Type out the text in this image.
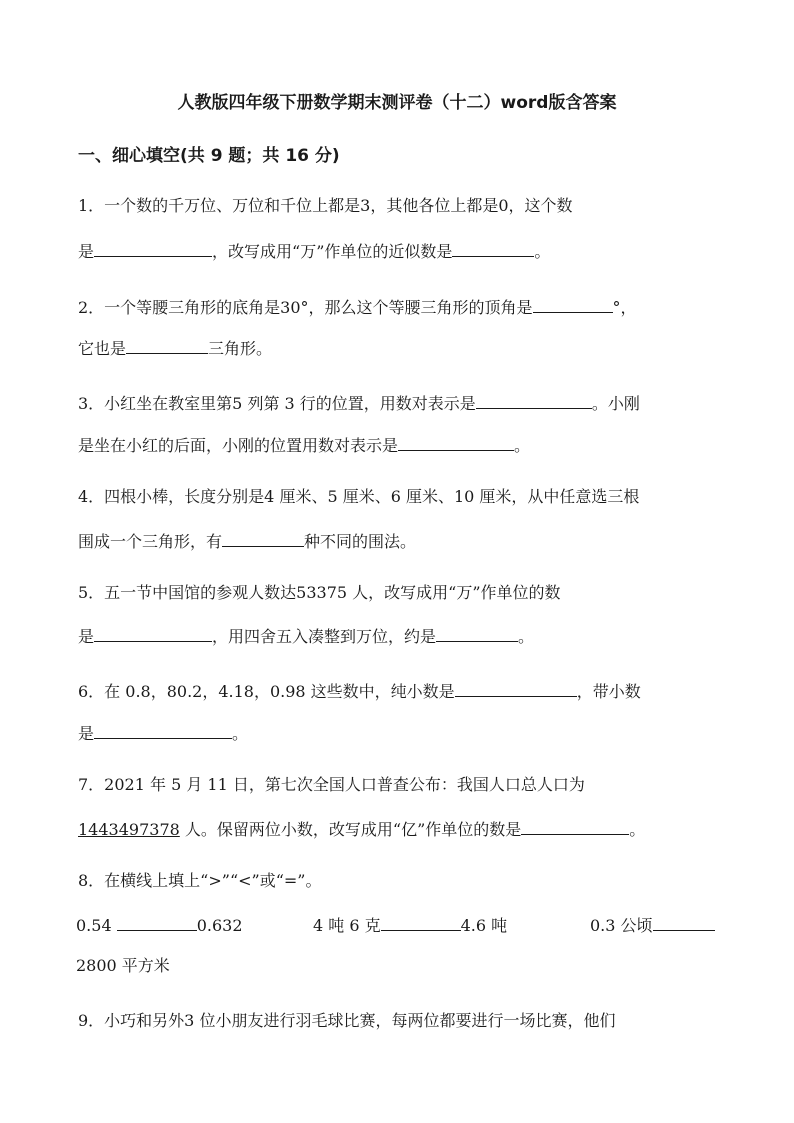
人教版四年级下册数学期末测评卷（十二）word版含答案
一、细心填空(共 9 题；共 16 分)
1．一个数的千万位、万位和千位上都是3，其他各位上都是0，这个数
是	，改写成用“万”作单位的近似数是	。
2．一个等腰三角形的底角是30°，那么这个等腰三角形的顶角是	°，
它也是	三角形。
3．小红坐在教室里第5 列第 3 行的位置，用数对表示是	。小刚
是坐在小红的后面，小刚的位置用数对表示是	。
4．四根小棒，长度分别是4 厘米、5 厘米、6 厘米、10 厘米，从中任意选三根
围成一个三角形，有	种不同的围法。
5．五一节中国馆的参观人数达53375 人，改写成用“万”作单位的数
是	，用四舍五入凑整到万位，约是	。
6．在 0.8，80.2，4.18，0.98 这些数中，纯小数是	，带小数
是	。
7．2021 年 5 月 11 日，第七次全国人口普查公布：我国人口总人口为
1443497378 人。保留两位小数，改写成用“亿”作单位的数是	。
8．在横线上填上“>”“<”或“=”。
0.54	0.632	4 吨 6 克	4.6 吨	0.3 公顷
2800 平方米
9．小巧和另外3 位小朋友进行羽毛球比赛，每两位都要进行一场比赛，他们
